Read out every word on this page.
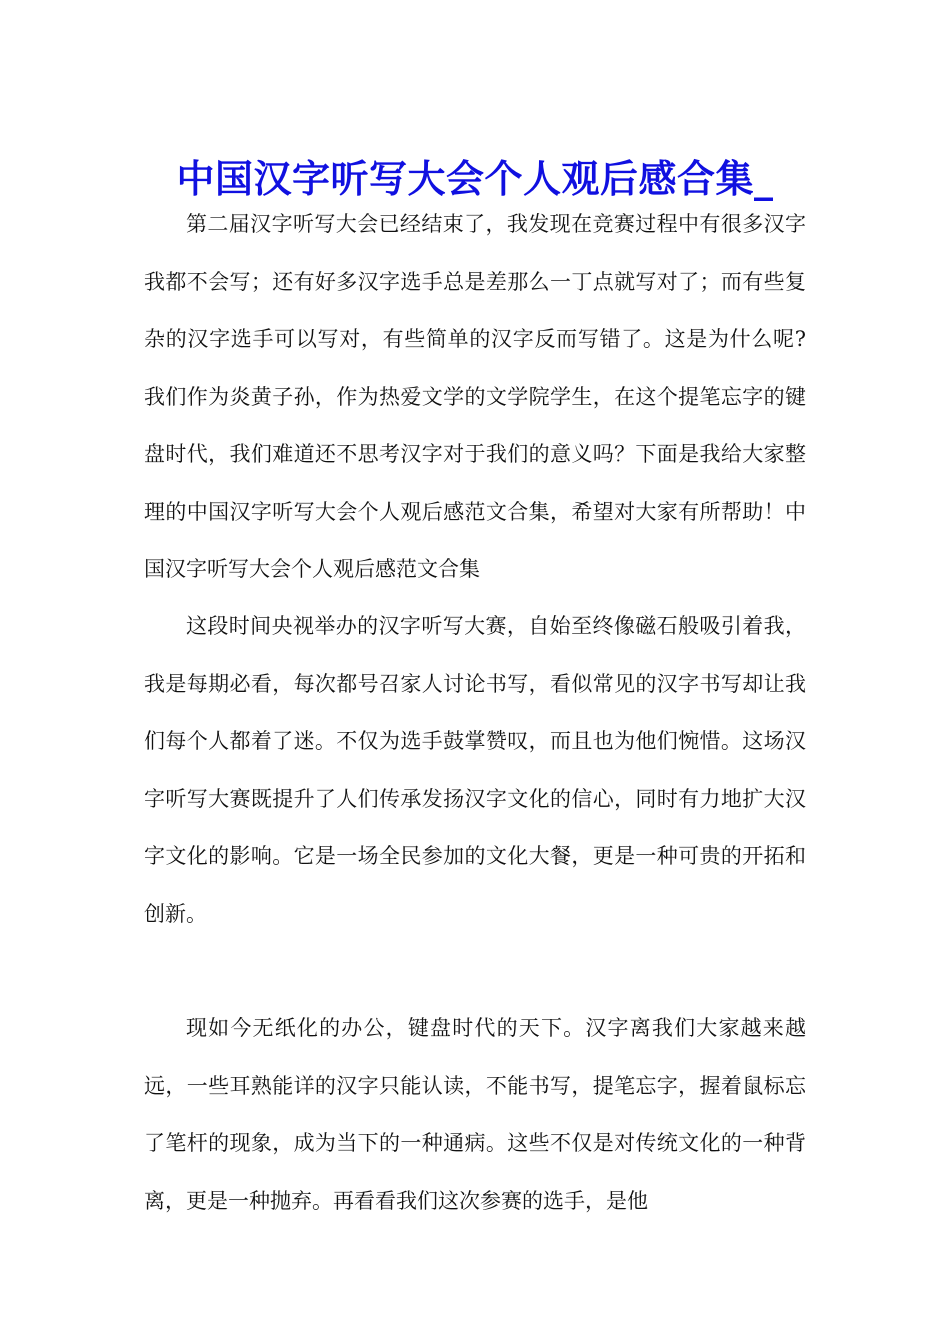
中国汉字听写大会个人观后感合集_

第二届汉字听写大会已经结束了，我发现在竞赛过程中有很多汉字我都不会写；还有好多汉字选手总是差那么一丁点就写对了；而有些复杂的汉字选手可以写对，有些简单的汉字反而写错了。这是为什么呢?我们作为炎黄子孙，作为热爱文学的文学院学生，在这个提笔忘字的键盘时代，我们难道还不思考汉字对于我们的意义吗？下面是我给大家整理的中国汉字听写大会个人观后感范文合集，希望对大家有所帮助！中国汉字听写大会个人观后感范文合集

这段时间央视举办的汉字听写大赛，自始至终像磁石般吸引着我，我是每期必看，每次都号召家人讨论书写，看似常见的汉字书写却让我们每个人都着了迷。不仅为选手鼓掌赞叹，而且也为他们惋惜。这场汉字听写大赛既提升了人们传承发扬汉字文化的信心，同时有力地扩大汉字文化的影响。它是一场全民参加的文化大餐，更是一种可贵的开拓和创新。

现如今无纸化的办公，键盘时代的天下。汉字离我们大家越来越远，一些耳熟能详的汉字只能认读，不能书写，提笔忘字，握着鼠标忘了笔杆的现象，成为当下的一种通病。这些不仅是对传统文化的一种背离，更是一种抛弃。再看看我们这次参赛的选手，是他
